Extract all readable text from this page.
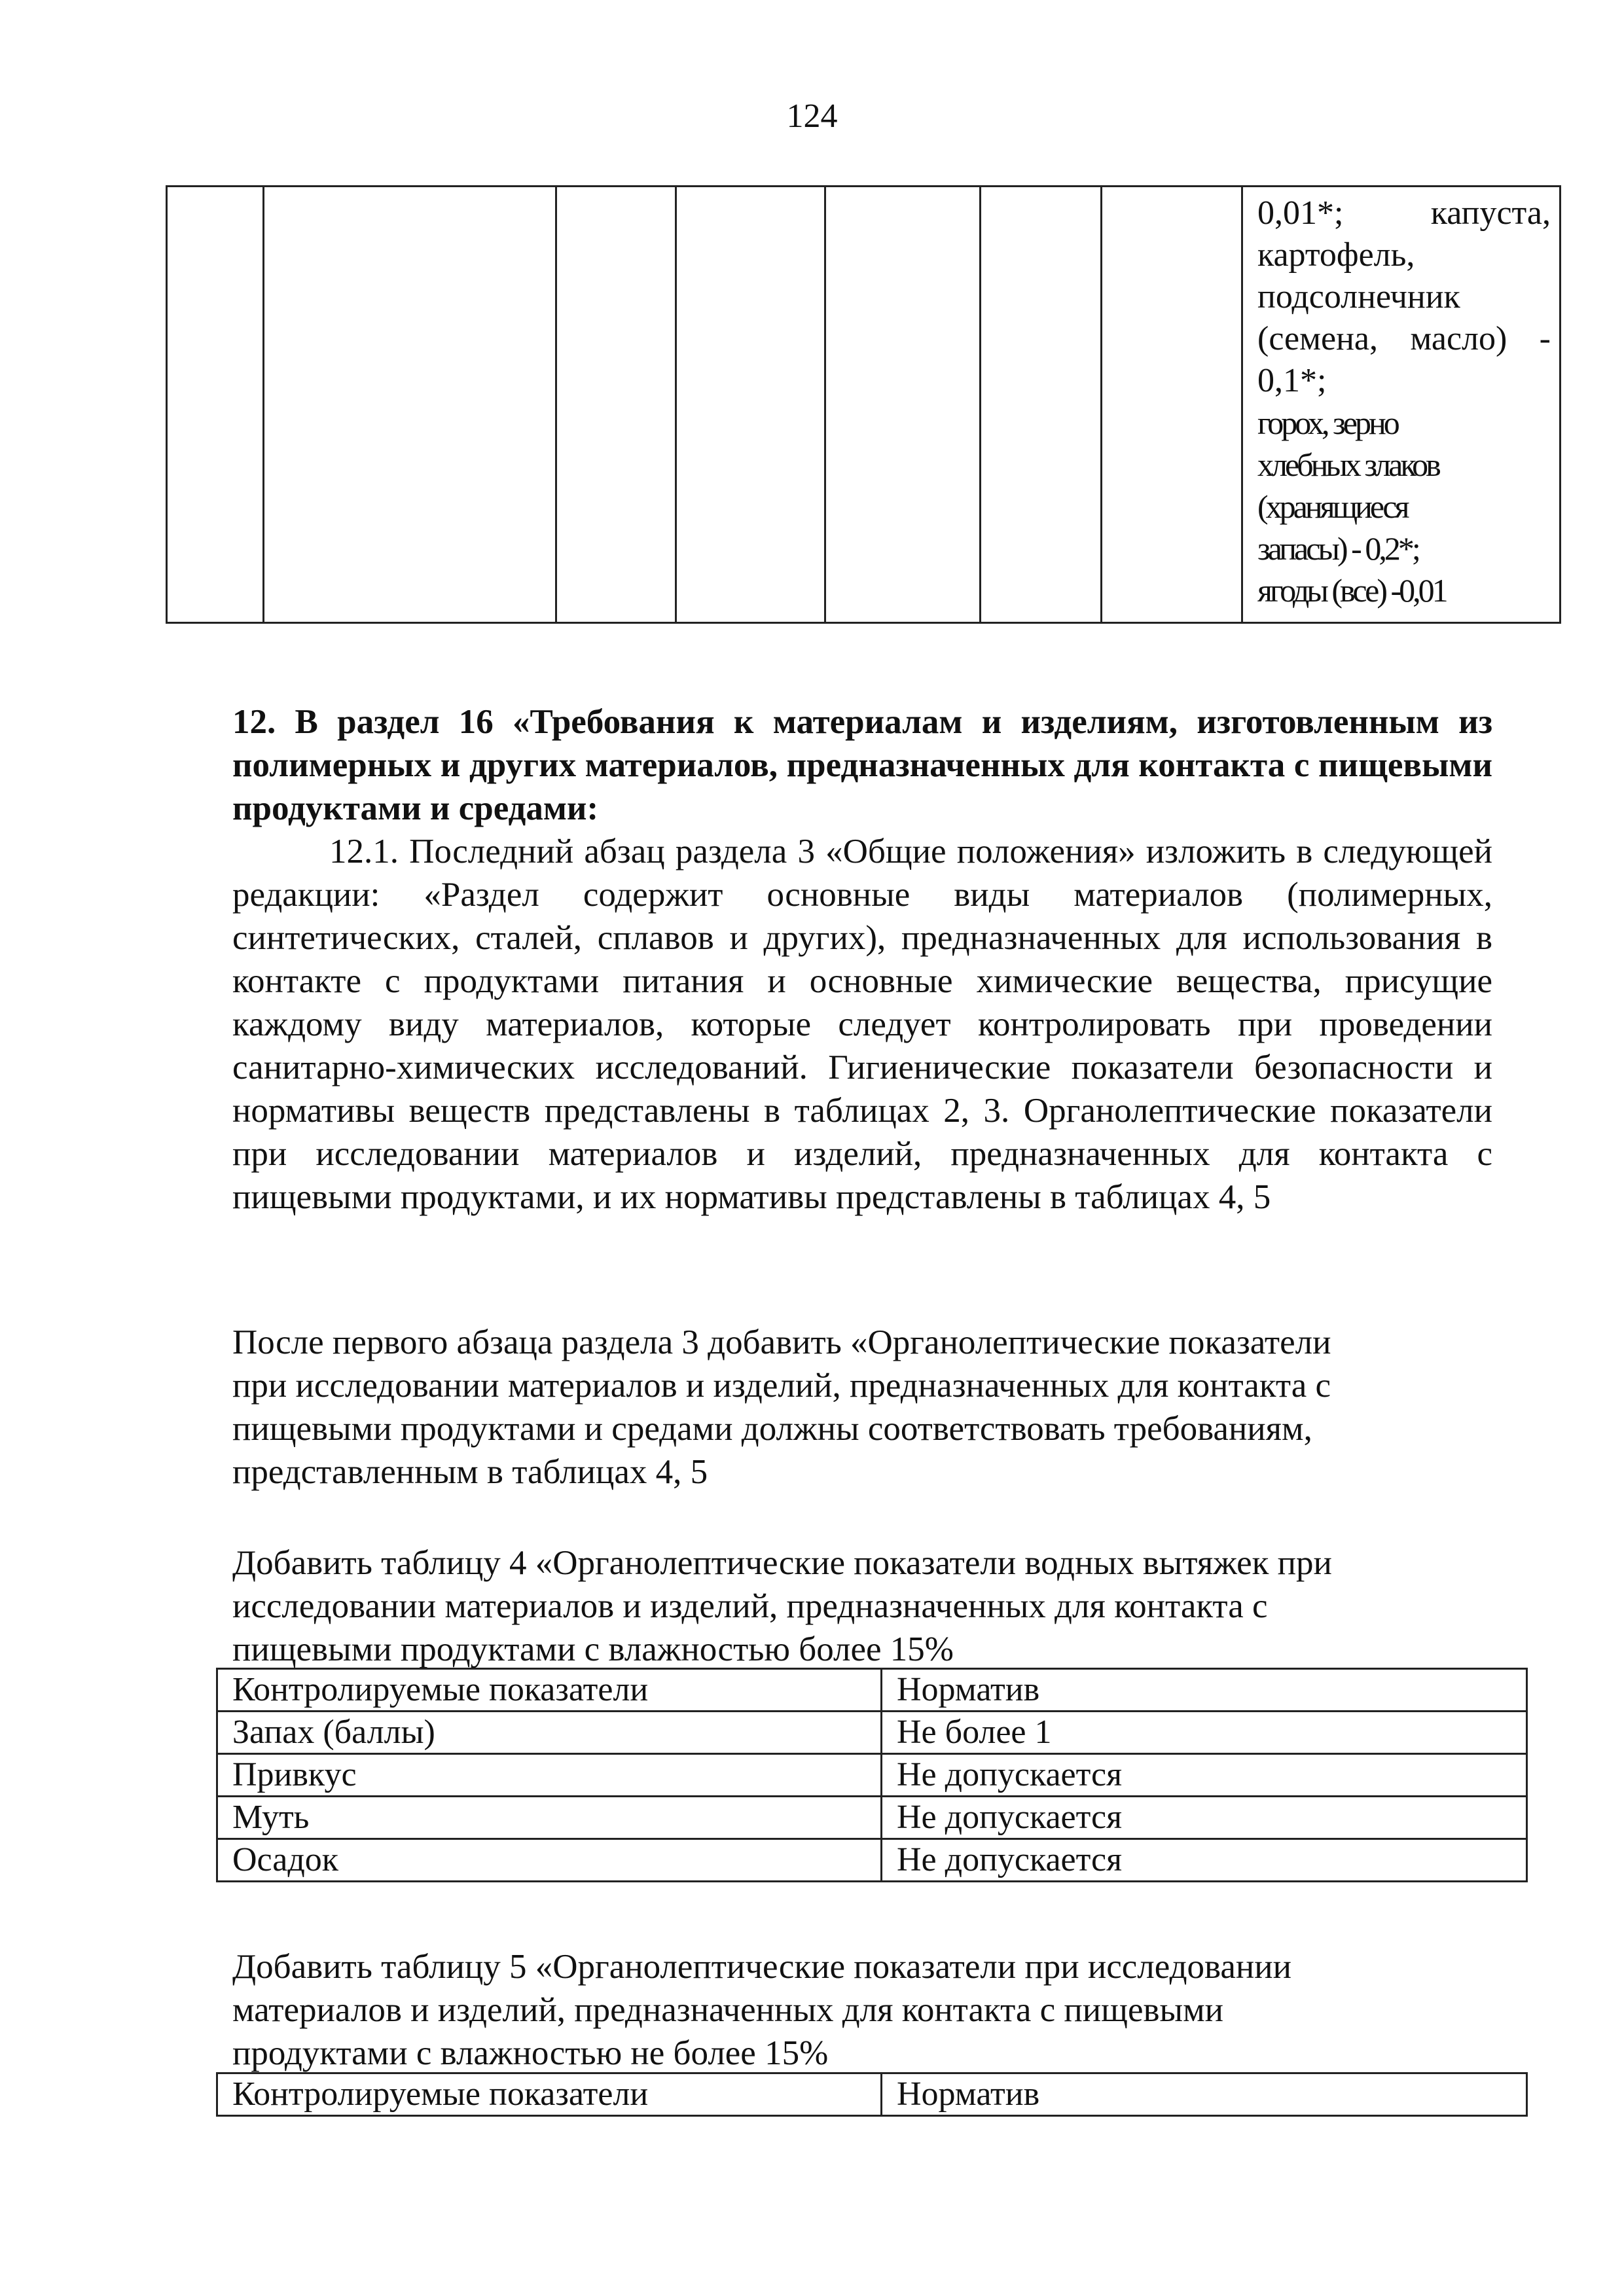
124
0,01*;	капуста,
картофель,
подсолнечник
(семена, масло) -
0,1*;
горох, зерно
хлебных злаков
(хранящиеся
запасы) - 0,2*;
ягоды (все) -0,01
12. В раздел 16 «Требования к материалам и изделиям, изготовленным из полимерных и других материалов, предназначенных для контакта с пищевыми продуктами и средами:
12.1. Последний абзац раздела 3 «Общие положения» изложить в следующей редакции: «Раздел содержит основные виды материалов (полимерных, синтетических, сталей, сплавов и других), предназначенных для использования в контакте с продуктами питания и основные химические вещества, присущие каждому виду материалов, которые следует контролировать при проведении санитарно-химических исследований. Гигиенические показатели безопасности и нормативы веществ представлены в таблицах 2, 3. Органолептические показатели при исследовании материалов и изделий, предназначенных для контакта с пищевыми продуктами, и их нормативы представлены в таблицах 4, 5
После первого абзаца раздела 3 добавить «Органолептические показатели
при исследовании материалов и изделий, предназначенных для контакта с
пищевыми продуктами и средами должны соответствовать требованиям,
представленным в таблицах 4, 5
Добавить таблицу 4 «Органолептические показатели водных вытяжек при
исследовании материалов и изделий, предназначенных для контакта с
пищевыми продуктами с влажностью более 15%
Контролируемые показатели	Норматив
Запах (баллы)	Не более 1
Привкус	Не допускается
Муть	Не допускается
Осадок	Не допускается
Добавить таблицу 5 «Органолептические показатели при исследовании
материалов и изделий, предназначенных для контакта с пищевыми
продуктами с влажностью не более 15%
Контролируемые показатели	Норматив
